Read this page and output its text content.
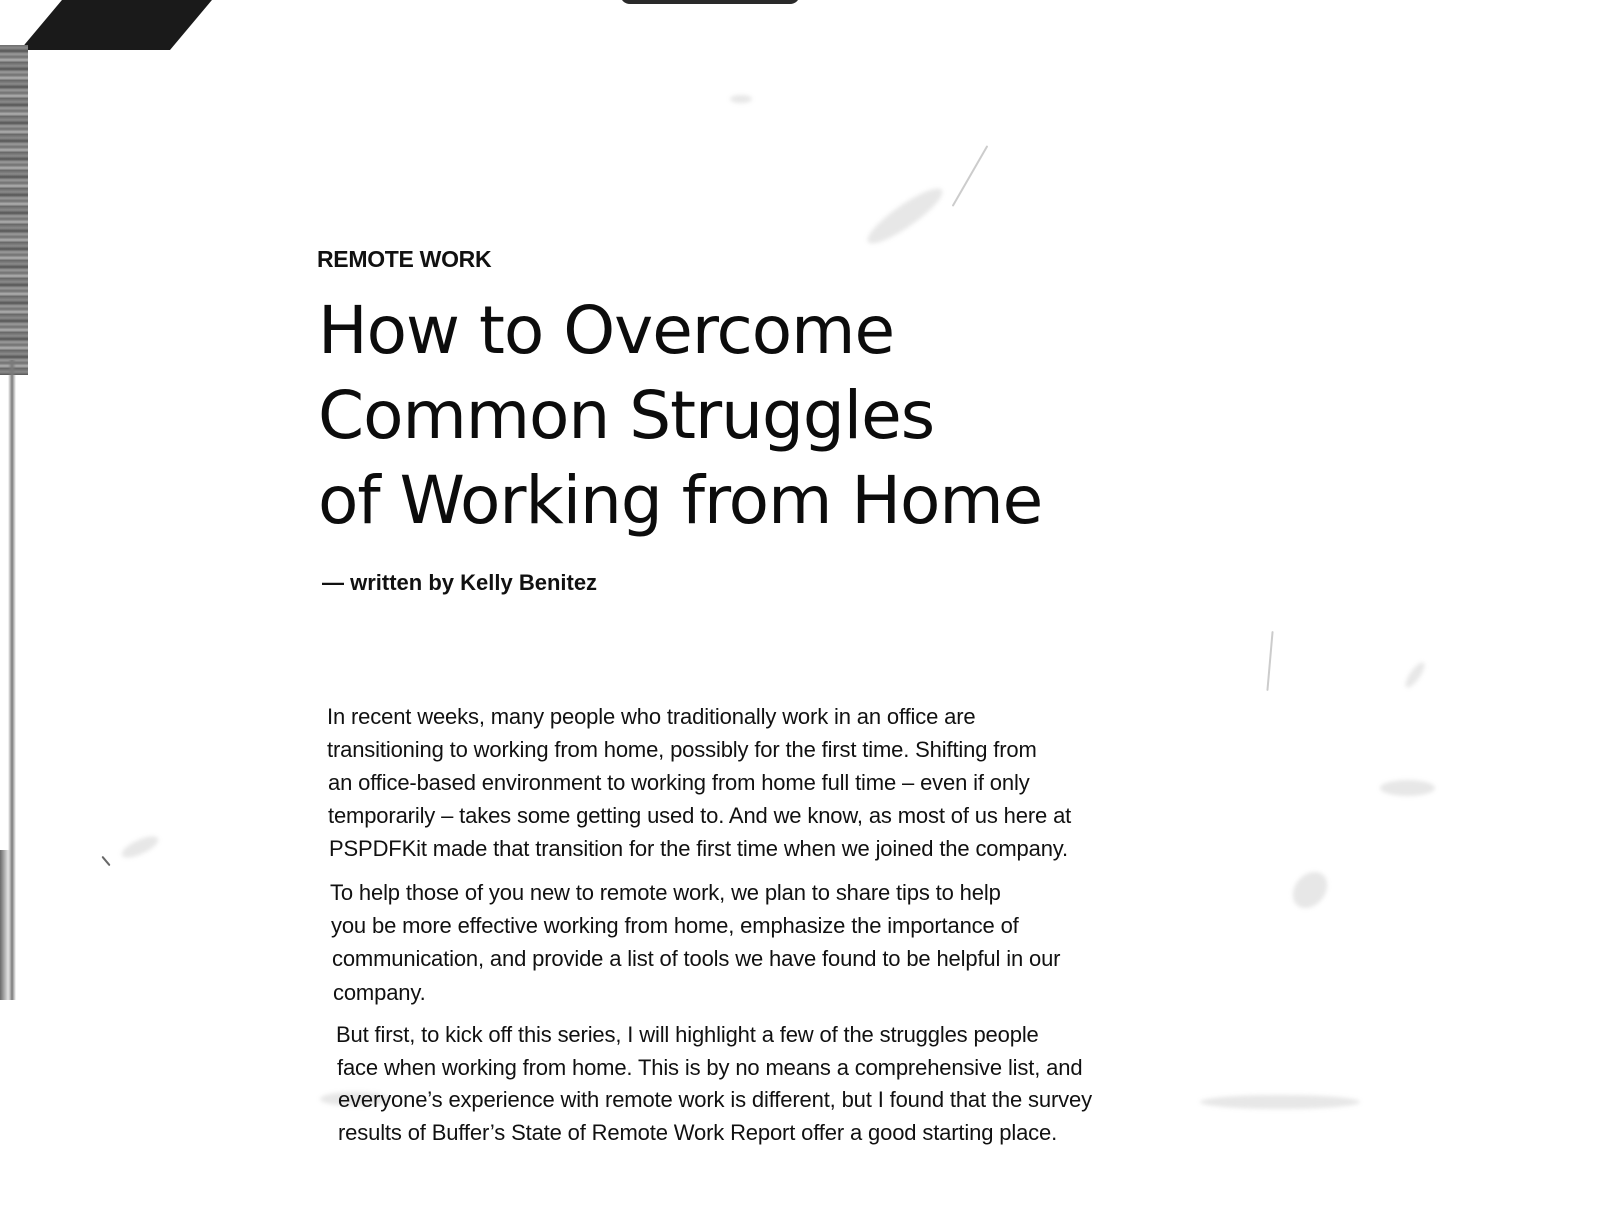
REMOTE WORK
How to Overcome
Common Struggles
of Working from Home
— written by Kelly Benitez
In recent weeks, many people who traditionally work in an office are
transitioning to working from home, possibly for the first time. Shifting from
an office-based environment to working from home full time – even if only
temporarily – takes some getting used to. And we know, as most of us here at
PSPDFKit made that transition for the first time when we joined the company.
To help those of you new to remote work, we plan to share tips to help
you be more effective working from home, emphasize the importance of
communication, and provide a list of tools we have found to be helpful in our
company.
But first, to kick off this series, I will highlight a few of the struggles people
face when working from home. This is by no means a comprehensive list, and
everyone’s experience with remote work is different, but I found that the survey
results of Buffer’s State of Remote Work Report offer a good starting place.
